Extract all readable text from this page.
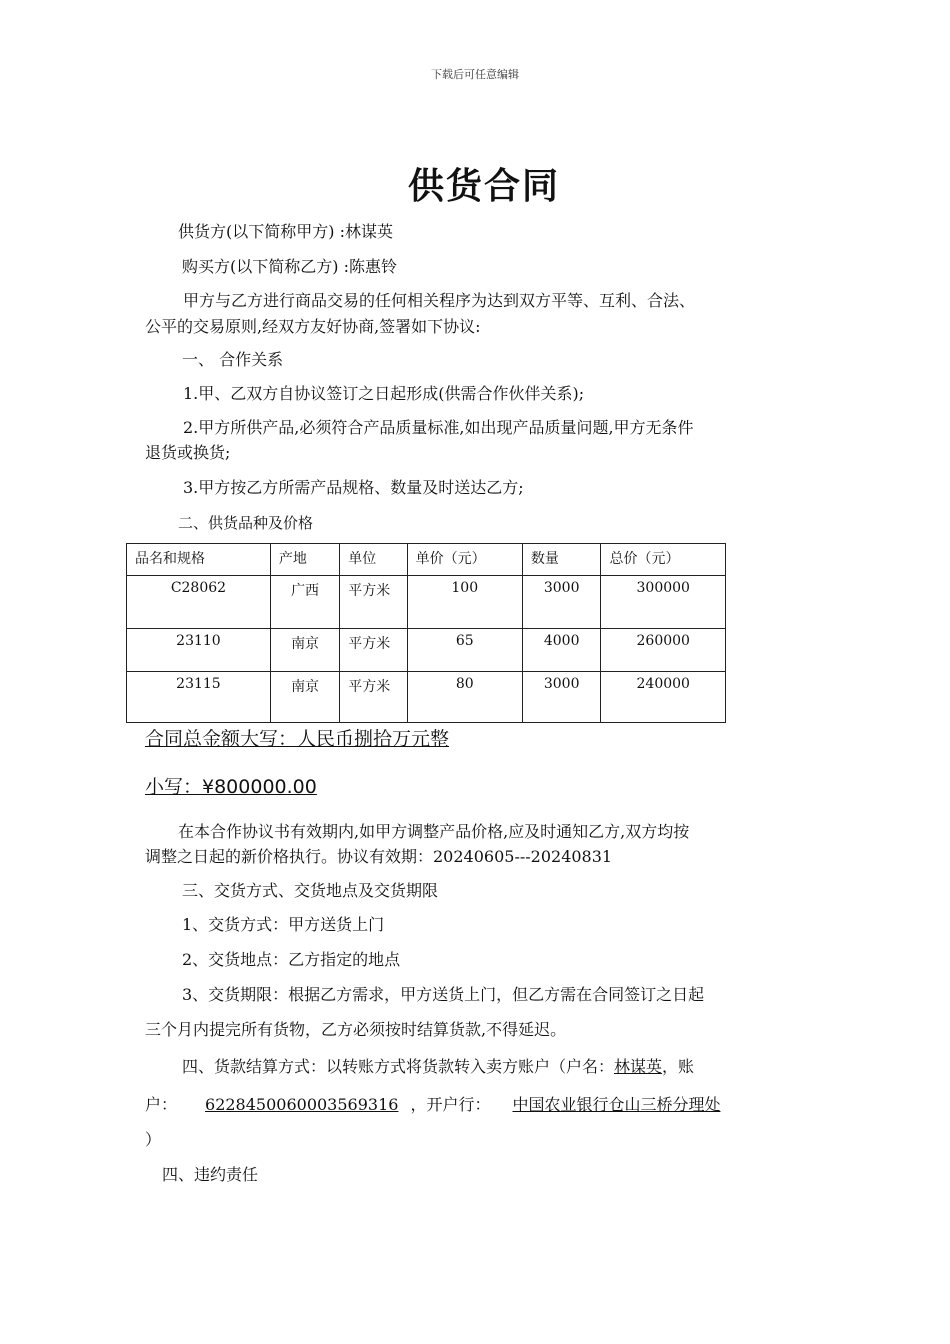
下载后可任意编辑
供货合同
供货方(以下简称甲方) :林谋英
购买方(以下简称乙方) :陈惠铃
甲方与乙方进行商品交易的任何相关程序为达到双方平等、互利、合法、
公平的交易原则,经双方友好协商,签署如下协议:
一、 合作关系
1.甲、乙双方自协议签订之日起形成(供需合作伙伴关系);
2.甲方所供产品,必须符合产品质量标准,如出现产品质量问题,甲方无条件
退货或换货;
3.甲方按乙方所需产品规格、数量及时送达乙方;
二、供货品种及价格
品名和规格	产地	单位	单价（元）	数量	总价（元）
C28062	广西	平方米	100	3000	300000
23110	南京	平方米	65	4000	260000
23115	南京	平方米	80	3000	240000
合同总金额大写：人民币捌拾万元整
小写：¥800000.00
在本合作协议书有效期内,如甲方调整产品价格,应及时通知乙方,双方均按
调整之日起的新价格执行。协议有效期：20240605---20240831
三、交货方式、交货地点及交货期限
1、交货方式：甲方送货上门
2、交货地点：乙方指定的地点
3、交货期限：根据乙方需求，甲方送货上门，但乙方需在合同签订之日起
三个月内提完所有货物，乙方必须按时结算货款,不得延迟。
四、货款结算方式：以转账方式将货款转入卖方账户（户名：林谋英，账
户： 6228450060003569316 ，开户行： 中国农业银行仓山三桥分理处
）
四、违约责任
